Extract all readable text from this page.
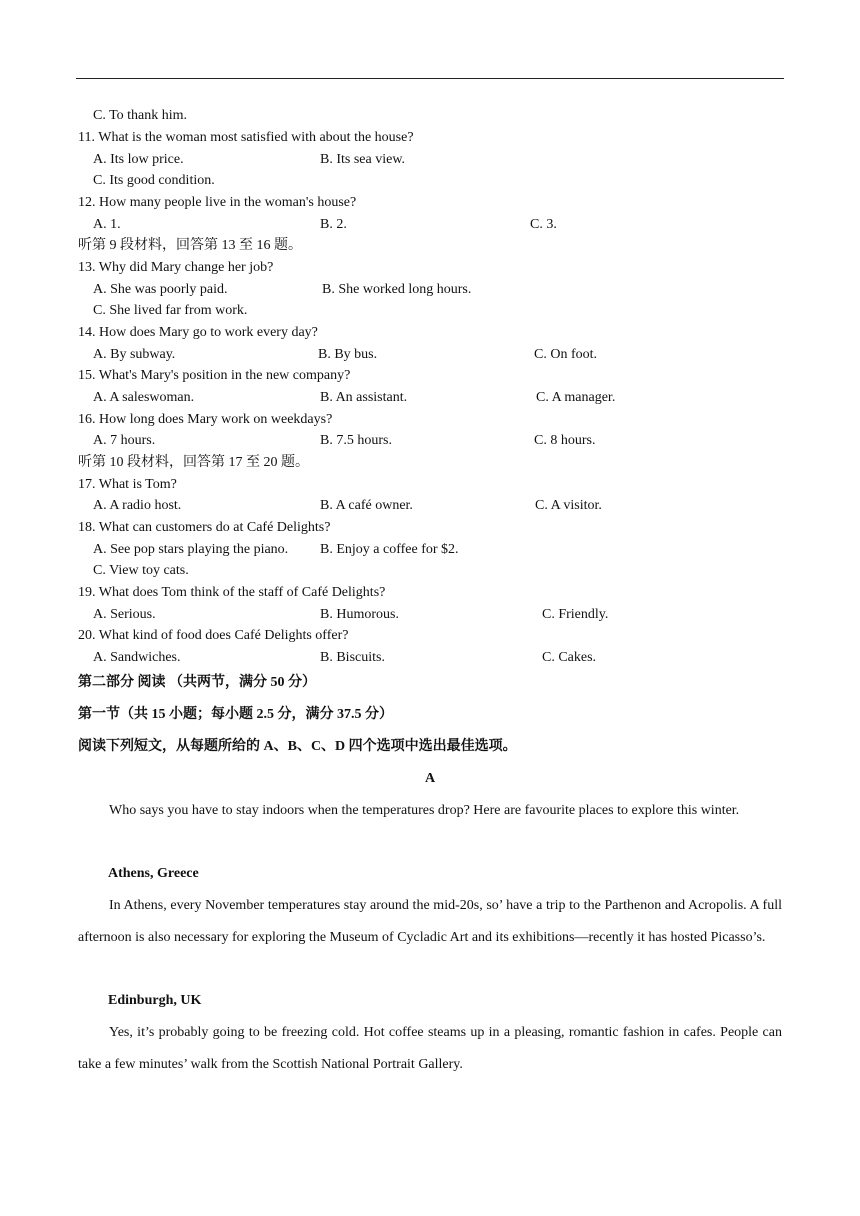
C. To thank him.
11. What is the woman most satisfied with about the house?
A. Its low price.	B. Its sea view.
C. Its good condition.
12. How many people live in the woman's house?
A. 1.	B. 2.	C. 3.
听第 9 段材料，回答第 13 至 16 题。
13. Why did Mary change her job?
A. She was poorly paid.	B. She worked long hours.
C. She lived far from work.
14. How does Mary go to work every day?
A. By subway.	B. By bus.	C. On foot.
15. What's Mary's position in the new company?
A. A saleswoman.	B. An assistant.	C. A manager.
16. How long does Mary work on weekdays?
A. 7 hours.	B. 7.5 hours.	C. 8 hours.
听第 10 段材料，回答第 17 至 20 题。
17. What is Tom?
A. A radio host.	B. A café owner.	C. A visitor.
18. What can customers do at Café Delights?
A. See pop stars playing the piano. B. Enjoy a coffee for $2.
C. View toy cats.
19. What does Tom think of the staff of Café Delights?
A. Serious.	B. Humorous.	C. Friendly.
20. What kind of food does Café Delights offer?
A. Sandwiches.	B. Biscuits.	C. Cakes.
第二部分 阅读 （共两节，满分 50 分）
第一节（共 15 小题；每小题 2.5 分，满分 37.5 分）
阅读下列短文，从每题所给的 A、B、C、D 四个选项中选出最佳选项。
A
Who says you have to stay indoors when the temperatures drop? Here are favourite places to explore this winter.
Athens, Greece
In Athens, every November temperatures stay around the mid-20s, so’ have a trip to the Parthenon and Acropolis. A full afternoon is also necessary for exploring the Museum of Cycladic Art and its exhibitions—recently it has hosted Picasso’s.
Edinburgh, UK
Yes, it’s probably going to be freezing cold. Hot coffee steams up in a pleasing, romantic fashion in cafes. People can take a few minutes’ walk from the Scottish National Portrait Gallery.
